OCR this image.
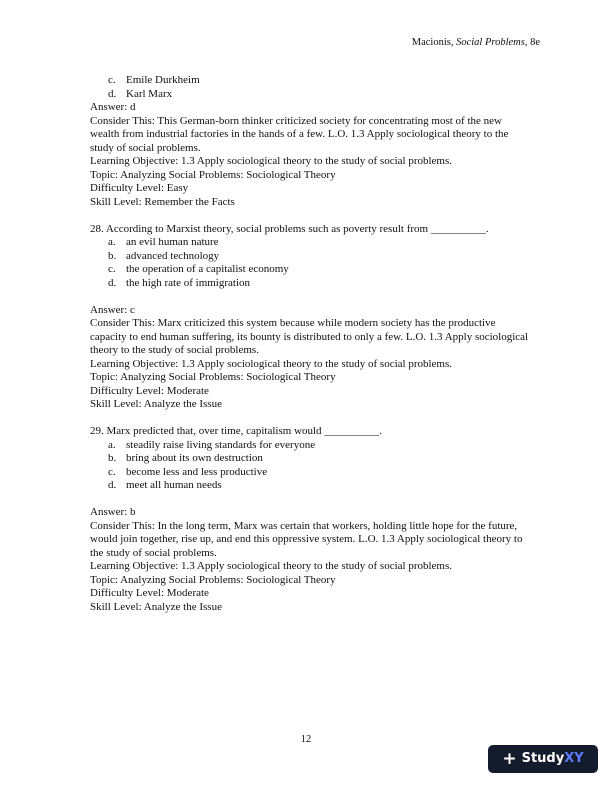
Macionis, Social Problems, 8e
c. Emile Durkheim
d. Karl Marx
Answer: d
Consider This: This German-born thinker criticized society for concentrating most of the new wealth from industrial factories in the hands of a few. L.O. 1.3 Apply sociological theory to the study of social problems.
Learning Objective: 1.3 Apply sociological theory to the study of social problems.
Topic: Analyzing Social Problems: Sociological Theory
Difficulty Level: Easy
Skill Level: Remember the Facts
28. According to Marxist theory, social problems such as poverty result from __________.
a. an evil human nature
b. advanced technology
c. the operation of a capitalist economy
d. the high rate of immigration
Answer: c
Consider This: Marx criticized this system because while modern society has the productive capacity to end human suffering, its bounty is distributed to only a few. L.O. 1.3 Apply sociological theory to the study of social problems.
Learning Objective: 1.3 Apply sociological theory to the study of social problems.
Topic: Analyzing Social Problems: Sociological Theory
Difficulty Level: Moderate
Skill Level: Analyze the Issue
29. Marx predicted that, over time, capitalism would __________.
a. steadily raise living standards for everyone
b. bring about its own destruction
c. become less and less productive
d. meet all human needs
Answer: b
Consider This: In the long term, Marx was certain that workers, holding little hope for the future, would join together, rise up, and end this oppressive system. L.O. 1.3 Apply sociological theory to the study of social problems.
Learning Objective: 1.3 Apply sociological theory to the study of social problems.
Topic: Analyzing Social Problems: Sociological Theory
Difficulty Level: Moderate
Skill Level: Analyze the Issue
12
+ StudyXY
